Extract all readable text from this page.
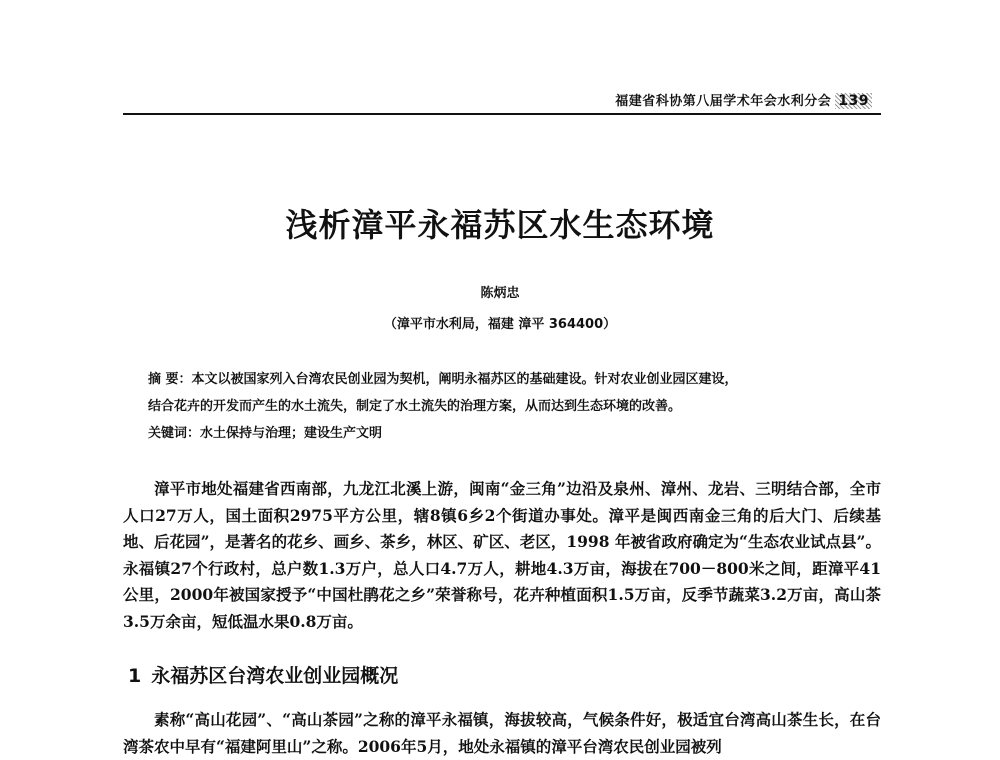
福建省科协第八届学术年会水利分会 139
浅析漳平永福苏区水生态环境
陈炳忠
（漳平市水利局，福建 漳平 364400）

摘 要：本文以被国家列入台湾农民创业园为契机，阐明永福苏区的基础建设。针对农业创业园区建设，

结合花卉的开发而产生的水土流失，制定了水土流失的治理方案，从而达到生态环境的改善。

关键词：水土保持与治理；建设生产文明

漳平市地处福建省西南部，九龙江北溪上游，闽南“金三角”边沿及泉州、漳州、龙岩、三明结合部，全市人口27万人，国土面积2975平方公里，辖8镇6乡2个街道办事处。漳平是闽西南金三角的后大门、后续基地、后花园”，是著名的花乡、画乡、茶乡，林区、矿区、老区，1998 年被省政府确定为“生态农业试点县”。永福镇27个行政村，总户数1.3万户，总人口4.7万人，耕地4.3万亩，海拔在700－800米之间，距漳平41公里，2000年被国家授予“中国杜鹃花之乡”荣誉称号，花卉种植面积1.5万亩，反季节蔬菜3.2万亩，高山茶3.5万余亩，短低温水果0.8万亩。

1 永福苏区台湾农业创业园概况

素称“高山花园”、“高山茶园”之称的漳平永福镇，海拔较高，气候条件好，极适宜台湾高山茶生长，在台湾茶农中早有“福建阿里山”之称。2006年5月，地处永福镇的漳平台湾农民创业园被列
